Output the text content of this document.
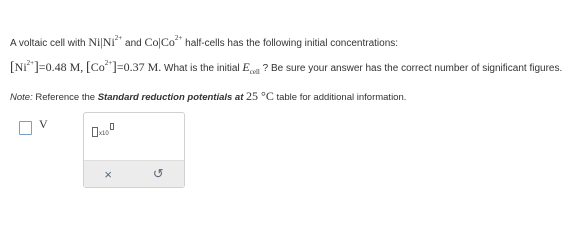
A voltaic cell with $Ni|Ni^{2+}$ and $Co|Co^{2+}$ half-cells has the following initial concentrations:
$[Ni^{2+}]=0.48$ M, $[Co^{2+}]=0.37$ M. What is the initial $E_{cell}$ ? Be sure your answer has the correct number of significant figures.
Note: Reference the Standard reduction potentials at 25 °C table for additional information.
V
x10
×	↺
